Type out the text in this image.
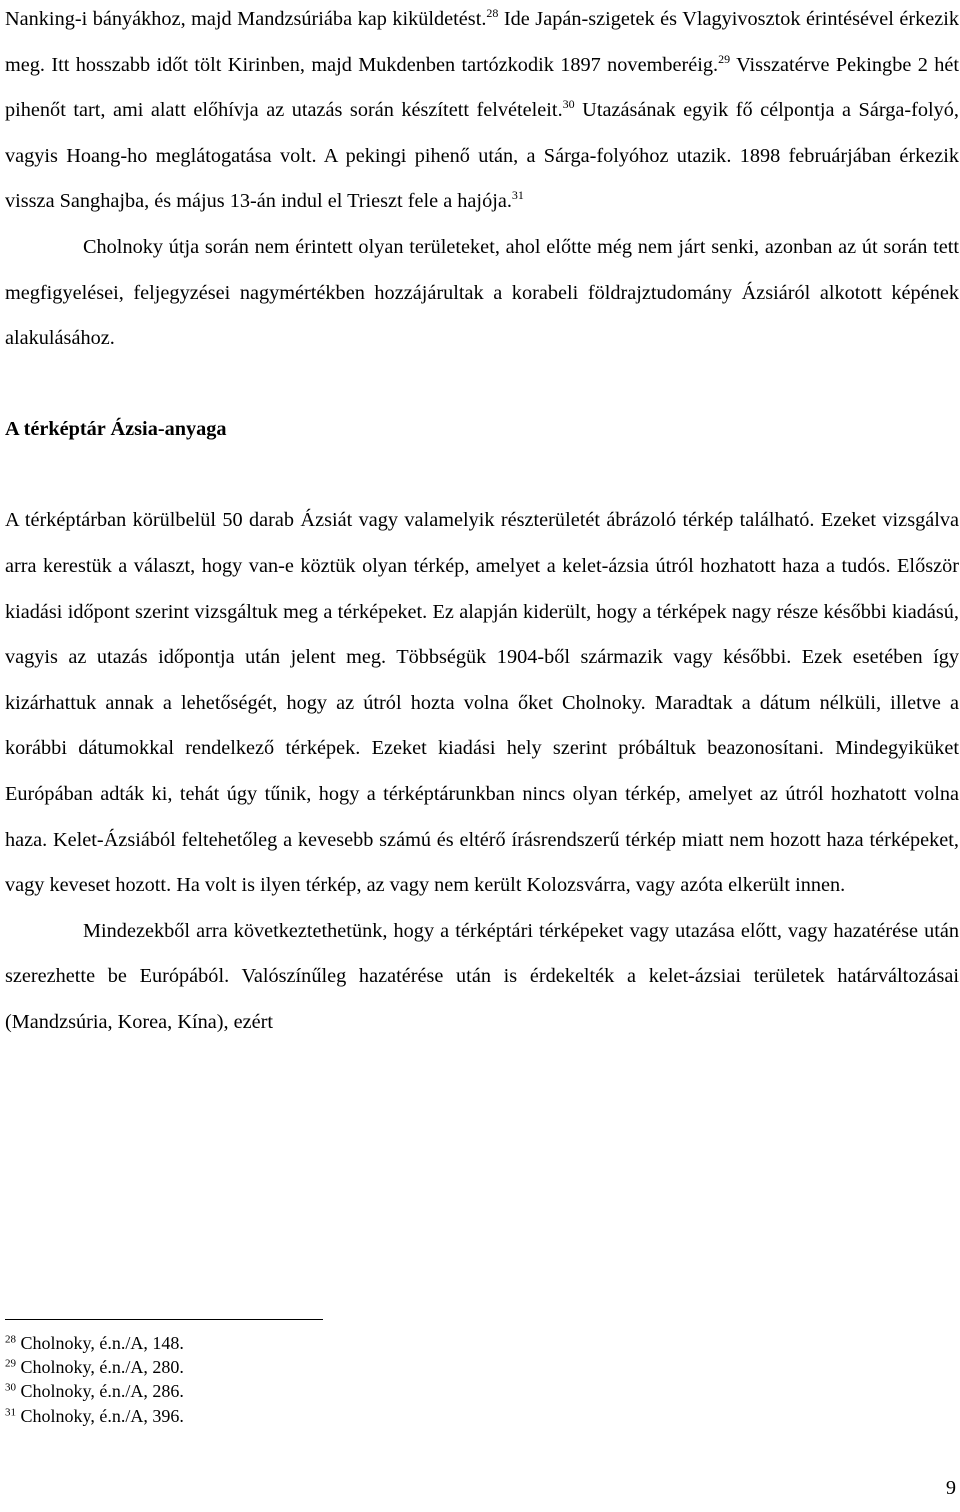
Nanking-i bányákhoz, majd Mandzsúriába kap kiküldetést.$^{28}$ Ide Japán-szigetek és Vlagyivosztok érintésével érkezik meg. Itt hosszabb időt tölt Kirinben, majd Mukdenben tartózkodik 1897 novemberéig.$^{29}$ Visszatérve Pekingbe 2 hét pihenőt tart, ami alatt előhívja az utazás során készített felvételeit.$^{30}$ Utazásának egyik fő célpontja a Sárga-folyó, vagyis Hoang-ho meglátogatása volt. A pekingi pihenő után, a Sárga-folyóhoz utazik. 1898 februárjában érkezik vissza Sanghajba, és május 13-án indul el Trieszt fele a hajója.$^{31}$

Cholnoky útja során nem érintett olyan területeket, ahol előtte még nem járt senki, azonban az út során tett megfigyelései, feljegyzései nagymértékben hozzájárultak a korabeli földrajztudomány Ázsiáról alkotott képének alakulásához.

A térképtár Ázsia-anyaga

A térképtárban körülbelül 50 darab Ázsiát vagy valamelyik részterületét ábrázoló térkép található. Ezeket vizsgálva arra kerestük a választ, hogy van-e köztük olyan térkép, amelyet a kelet-ázsia útról hozhatott haza a tudós. Először kiadási időpont szerint vizsgáltuk meg a térképeket. Ez alapján kiderült, hogy a térképek nagy része későbbi kiadású, vagyis az utazás időpontja után jelent meg. Többségük 1904-ből származik vagy későbbi. Ezek esetében így kizárhattuk annak a lehetőségét, hogy az útról hozta volna őket Cholnoky. Maradtak a dátum nélküli, illetve a korábbi dátumokkal rendelkező térképek. Ezeket kiadási hely szerint próbáltuk beazonosítani. Mindegyiküket Európában adták ki, tehát úgy tűnik, hogy a térképtárunkban nincs olyan térkép, amelyet az útról hozhatott volna haza. Kelet-Ázsiából feltehetőleg a kevesebb számú és eltérő írásrendszerű térkép miatt nem hozott haza térképeket, vagy keveset hozott. Ha volt is ilyen térkép, az vagy nem került Kolozsvárra, vagy azóta elkerült innen.

Mindezekből arra következtethetünk, hogy a térképtári térképeket vagy utazása előtt, vagy hazatérése után szerezhette be Európából. Valószínűleg hazatérése után is érdekelték a kelet-ázsiai területek határváltozásai (Mandzsúria, Korea, Kína), ezért

$^{28}$ Cholnoky, é.n./A, 148.
$^{29}$ Cholnoky, é.n./A, 280.
$^{30}$ Cholnoky, é.n./A, 286.
$^{31}$ Cholnoky, é.n./A, 396.
9
